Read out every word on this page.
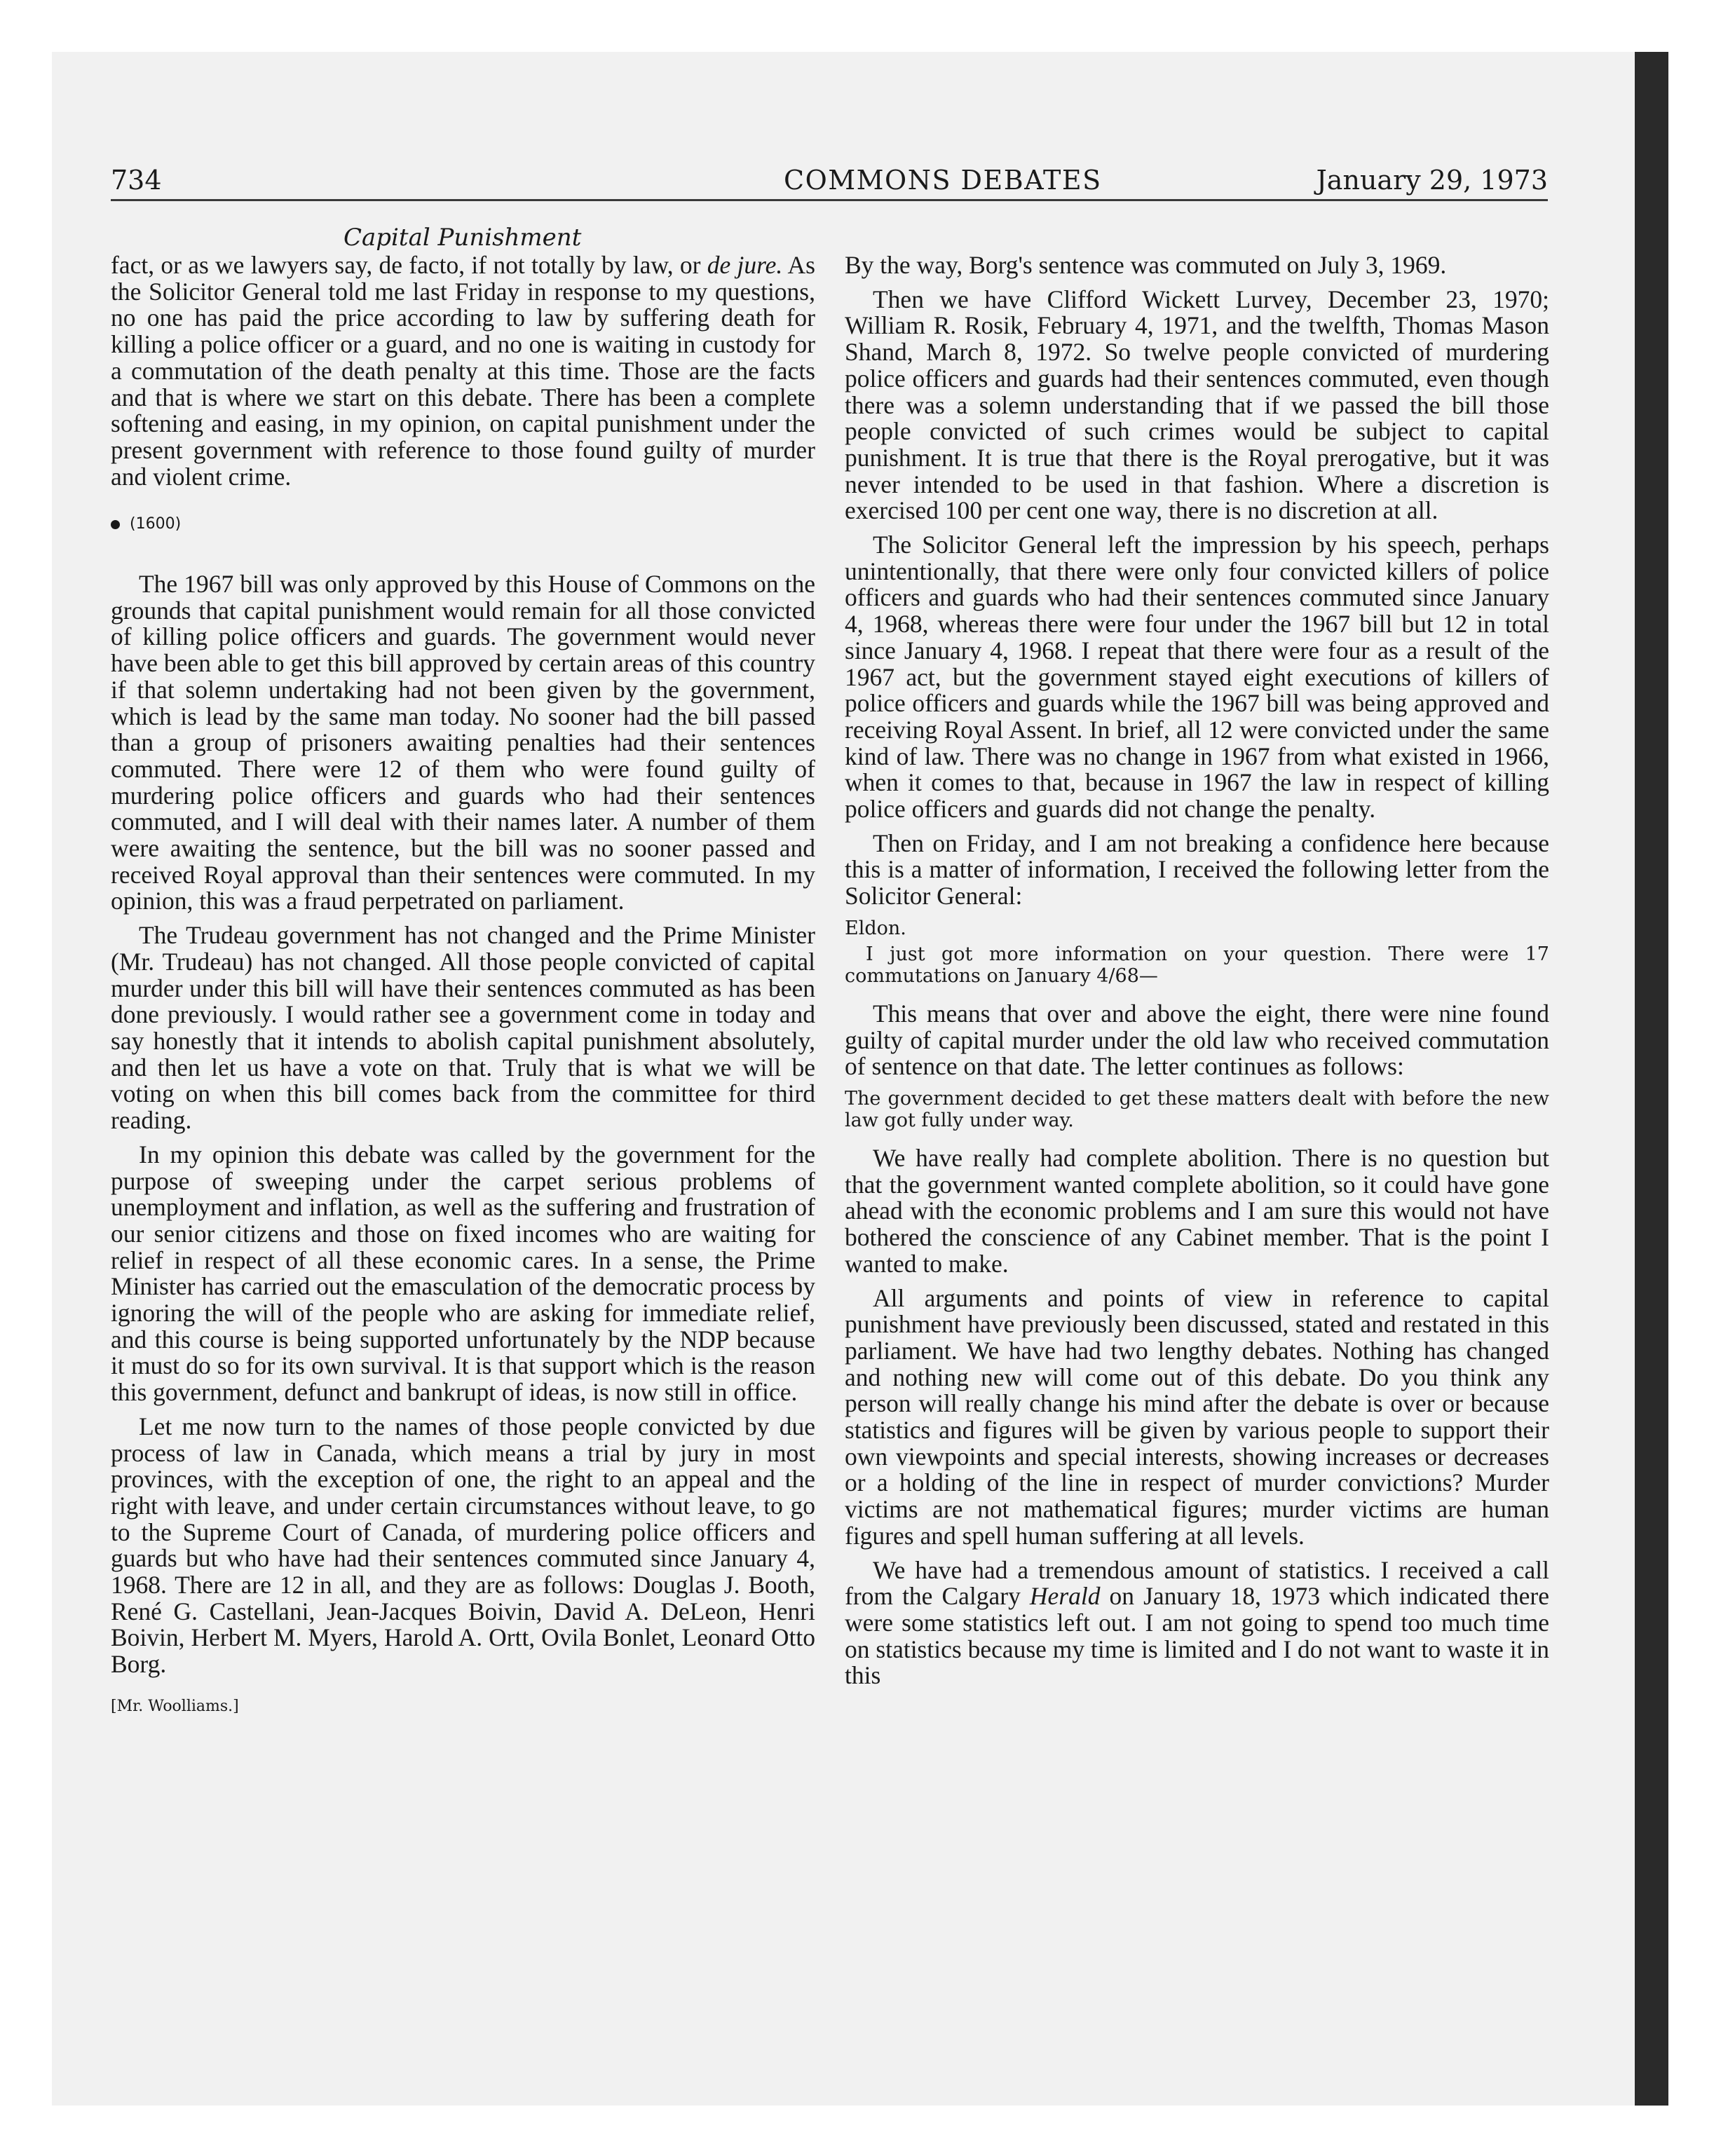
734	COMMONS DEBATES	January 29, 1973
Capital Punishment

fact, or as we lawyers say, de facto, if not totally by law, or de jure. As the Solicitor General told me last Friday in response to my questions, no one has paid the price according to law by suffering death for killing a police officer or a guard, and no one is waiting in custody for a commutation of the death penalty at this time. Those are the facts and that is where we start on this debate. There has been a complete softening and easing, in my opinion, on capital punishment under the present government with reference to those found guilty of murder and violent crime.

(1600)

The 1967 bill was only approved by this House of Commons on the grounds that capital punishment would remain for all those convicted of killing police officers and guards. The government would never have been able to get this bill approved by certain areas of this country if that solemn undertaking had not been given by the government, which is lead by the same man today. No sooner had the bill passed than a group of prisoners awaiting penalties had their sentences commuted. There were 12 of them who were found guilty of murdering police officers and guards who had their sentences commuted, and I will deal with their names later. A number of them were awaiting the sentence, but the bill was no sooner passed and received Royal approval than their sentences were commuted. In my opinion, this was a fraud perpetrated on parliament.

The Trudeau government has not changed and the Prime Minister (Mr. Trudeau) has not changed. All those people convicted of capital murder under this bill will have their sentences commuted as has been done previously. I would rather see a government come in today and say honestly that it intends to abolish capital punishment absolutely, and then let us have a vote on that. Truly that is what we will be voting on when this bill comes back from the committee for third reading.

In my opinion this debate was called by the government for the purpose of sweeping under the carpet serious problems of unemployment and inflation, as well as the suffering and frustration of our senior citizens and those on fixed incomes who are waiting for relief in respect of all these economic cares. In a sense, the Prime Minister has carried out the emasculation of the democratic process by ignoring the will of the people who are asking for immediate relief, and this course is being supported unfortunately by the NDP because it must do so for its own survival. It is that support which is the reason this government, defunct and bankrupt of ideas, is now still in office.

Let me now turn to the names of those people convicted by due process of law in Canada, which means a trial by jury in most provinces, with the exception of one, the right to an appeal and the right with leave, and under certain circumstances without leave, to go to the Supreme Court of Canada, of murdering police officers and guards but who have had their sentences commuted since January 4, 1968. There are 12 in all, and they are as follows: Douglas J. Booth, René G. Castellani, Jean-Jacques Boivin, David A. DeLeon, Henri Boivin, Herbert M. Myers, Harold A. Ortt, Ovila Bonlet, Leonard Otto Borg.

[Mr. Woolliams.]

By the way, Borg's sentence was commuted on July 3, 1969.

Then we have Clifford Wickett Lurvey, December 23, 1970; William R. Rosik, February 4, 1971, and the twelfth, Thomas Mason Shand, March 8, 1972. So twelve people convicted of murdering police officers and guards had their sentences commuted, even though there was a solemn understanding that if we passed the bill those people convicted of such crimes would be subject to capital punishment. It is true that there is the Royal prerogative, but it was never intended to be used in that fashion. Where a discretion is exercised 100 per cent one way, there is no discretion at all.

The Solicitor General left the impression by his speech, perhaps unintentionally, that there were only four convicted killers of police officers and guards who had their sentences commuted since January 4, 1968, whereas there were four under the 1967 bill but 12 in total since January 4, 1968. I repeat that there were four as a result of the 1967 act, but the government stayed eight executions of killers of police officers and guards while the 1967 bill was being approved and receiving Royal Assent. In brief, all 12 were convicted under the same kind of law. There was no change in 1967 from what existed in 1966, when it comes to that, because in 1967 the law in respect of killing police officers and guards did not change the penalty.

Then on Friday, and I am not breaking a confidence here because this is a matter of information, I received the following letter from the Solicitor General:

Eldon.

I just got more information on your question. There were 17 commutations on January 4/68—

This means that over and above the eight, there were nine found guilty of capital murder under the old law who received commutation of sentence on that date. The letter continues as follows:

The government decided to get these matters dealt with before the new law got fully under way.

We have really had complete abolition. There is no question but that the government wanted complete abolition, so it could have gone ahead with the economic problems and I am sure this would not have bothered the conscience of any Cabinet member. That is the point I wanted to make.

All arguments and points of view in reference to capital punishment have previously been discussed, stated and restated in this parliament. We have had two lengthy debates. Nothing has changed and nothing new will come out of this debate. Do you think any person will really change his mind after the debate is over or because statistics and figures will be given by various people to support their own viewpoints and special interests, showing increases or decreases or a holding of the line in respect of murder convictions? Murder victims are not mathematical figures; murder victims are human figures and spell human suffering at all levels.

We have had a tremendous amount of statistics. I received a call from the Calgary Herald on January 18, 1973 which indicated there were some statistics left out. I am not going to spend too much time on statistics because my time is limited and I do not want to waste it in this
